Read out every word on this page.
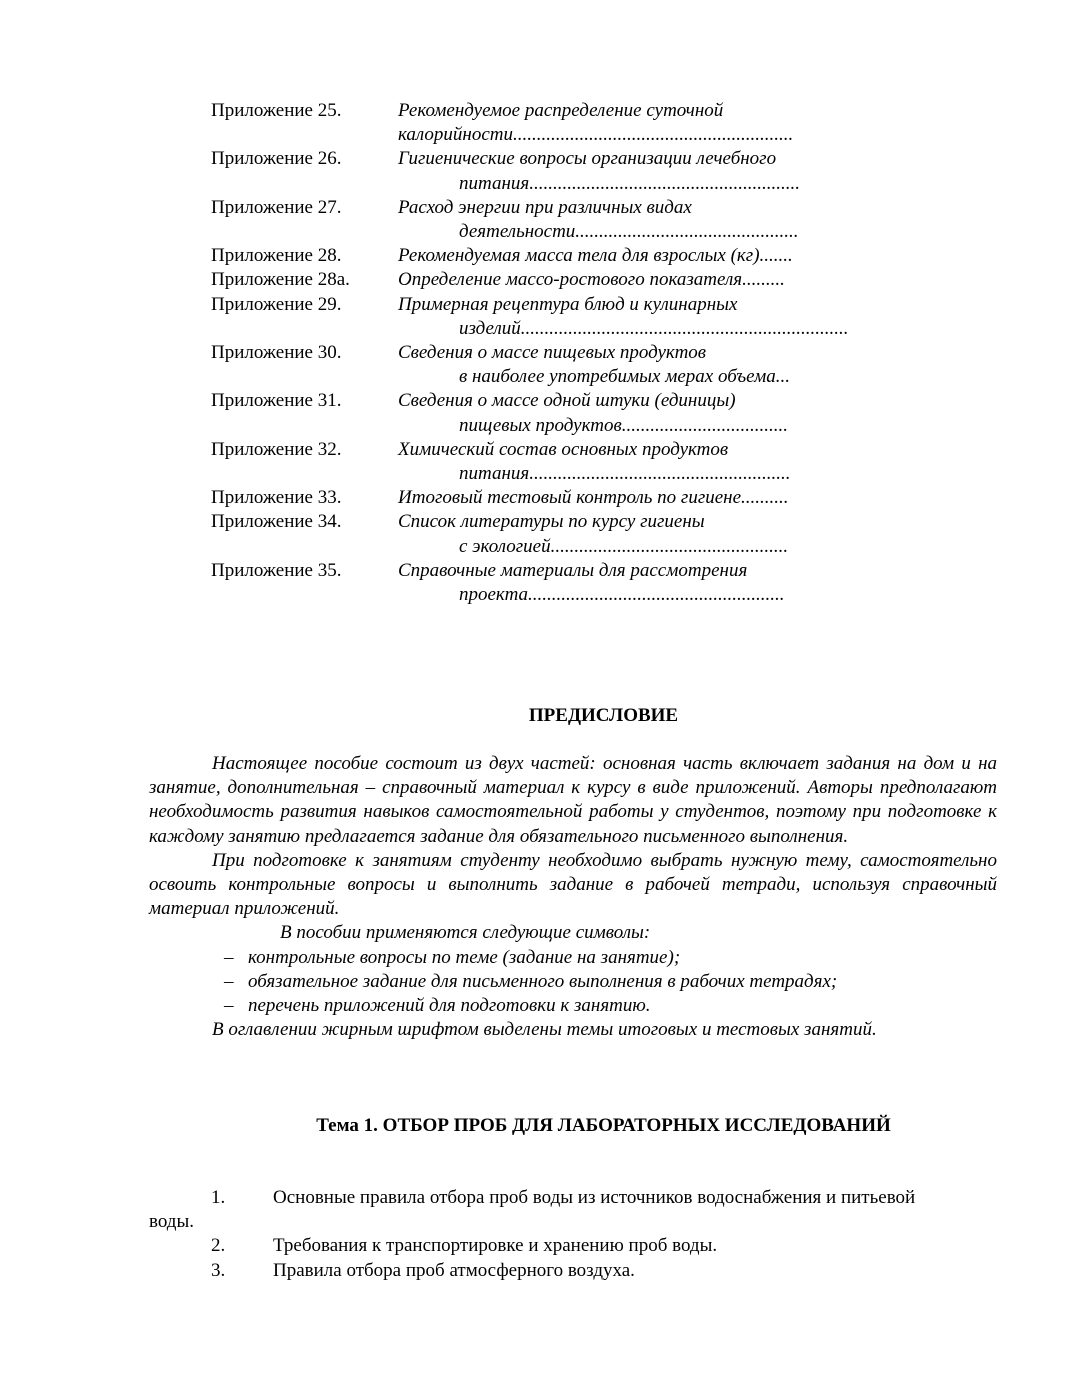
Приложение 25.	Рекомендуемое распределение суточной
калорийности...........................................................
Приложение 26.	Гигиенические вопросы организации лечебного
питания.........................................................
Приложение 27.	Расход энергии при различных видах
деятельности...............................................
Приложение 28.	Рекомендуемая масса тела для взрослых (кг).......
Приложение 28а.	Определение массо-ростового показателя.........
Приложение 29.	Примерная рецептура блюд и кулинарных
изделий.....................................................................
Приложение 30.	Сведения о массе пищевых продуктов
в наиболее употребимых мерах объема...
Приложение 31.	Сведения о массе одной штуки (единицы)
пищевых продуктов...................................
Приложение 32.	Химический состав основных продуктов
питания.......................................................
Приложение 33.	Итоговый тестовый контроль по гигиене..........
Приложение 34.	Список литературы по курсу гигиены
с экологией..................................................
Приложение 35.	Справочные материалы для рассмотрения
проекта......................................................
ПРЕДИСЛОВИЕ

Настоящее пособие состоит из двух частей: основная часть включает задания на дом и на занятие, дополнительная – справочный материал к курсу в виде приложений. Авторы предполагают необходимость развития навыков самостоятельной работы у студентов, поэтому при подготовке к каждому занятию предлагается задание для обязательного письменного выполнения.

При подготовке к занятиям студенту необходимо выбрать нужную тему, самостоятельно освоить контрольные вопросы и выполнить задание в рабочей тетради, используя справочный материал приложений.

В пособии применяются следующие символы:

– контрольные вопросы по теме (задание на занятие);
– обязательное задание для письменного выполнения в рабочих тетрадях;
– перечень приложений для подготовки к занятию.

В оглавлении жирным шрифтом выделены темы итоговых и тестовых занятий.

Тема 1. ОТБОР ПРОБ ДЛЯ ЛАБОРАТОРНЫХ ИССЛЕДОВАНИЙ
1.	Основные правила отбора проб воды из источников водоснабжения и питьевой
воды.
2.	Требования к транспортировке и хранению проб воды.
3.	Правила отбора проб атмосферного воздуха.
